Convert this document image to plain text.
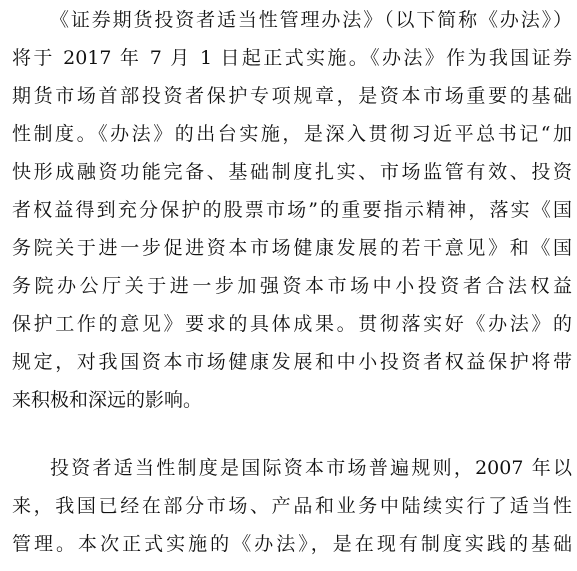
《证券期货投资者适当性管理办法》（以下简称《办法》）
将于 2017 年 7 月 1 日起正式实施。《办法》作为我国证券
期货市场首部投资者保护专项规章，是资本市场重要的基础
性制度。《办法》的出台实施，是深入贯彻习近平总书记“加
快形成融资功能完备、基础制度扎实、市场监管有效、投资
者权益得到充分保护的股票市场”的重要指示精神，落实《国
务院关于进一步促进资本市场健康发展的若干意见》和《国
务院办公厅关于进一步加强资本市场中小投资者合法权益
保护工作的意见》要求的具体成果。贯彻落实好《办法》的
规定，对我国资本市场健康发展和中小投资者权益保护将带
来积极和深远的影响。
投资者适当性制度是国际资本市场普遍规则，2007 年以
来，我国已经在部分市场、产品和业务中陆续实行了适当性
管理。本次正式实施的《办法》，是在现有制度实践的基础
